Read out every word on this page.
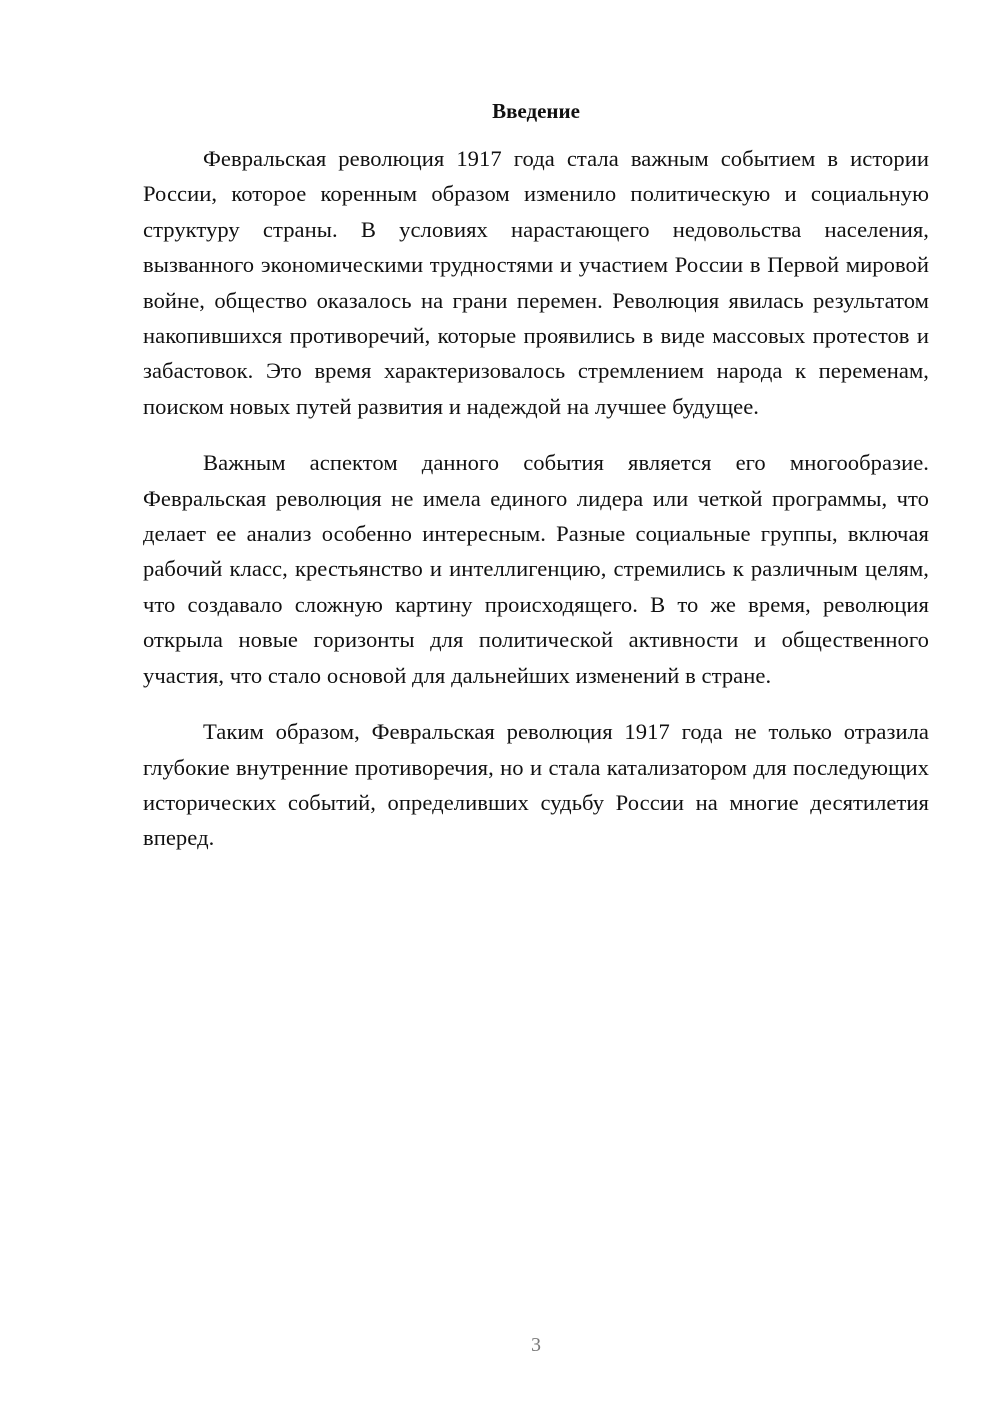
Введение

Февральская революция 1917 года стала важным событием в истории России, которое коренным образом изменило политическую и социальную структуру страны. В условиях нарастающего недовольства населения, вызванного экономическими трудностями и участием России в Первой мировой войне, общество оказалось на грани перемен. Революция явилась результатом накопившихся противоречий, которые проявились в виде массовых протестов и забастовок. Это время характеризовалось стремлением народа к переменам, поиском новых путей развития и надеждой на лучшее будущее.

Важным аспектом данного события является его многообразие. Февральская революция не имела единого лидера или четкой программы, что делает ее анализ особенно интересным. Разные социальные группы, включая рабочий класс, крестьянство и интеллигенцию, стремились к различным целям, что создавало сложную картину происходящего. В то же время, революция открыла новые горизонты для политической активности и общественного участия, что стало основой для дальнейших изменений в стране.

Таким образом, Февральская революция 1917 года не только отразила глубокие внутренние противоречия, но и стала катализатором для последующих исторических событий, определивших судьбу России на многие десятилетия вперед.

3
